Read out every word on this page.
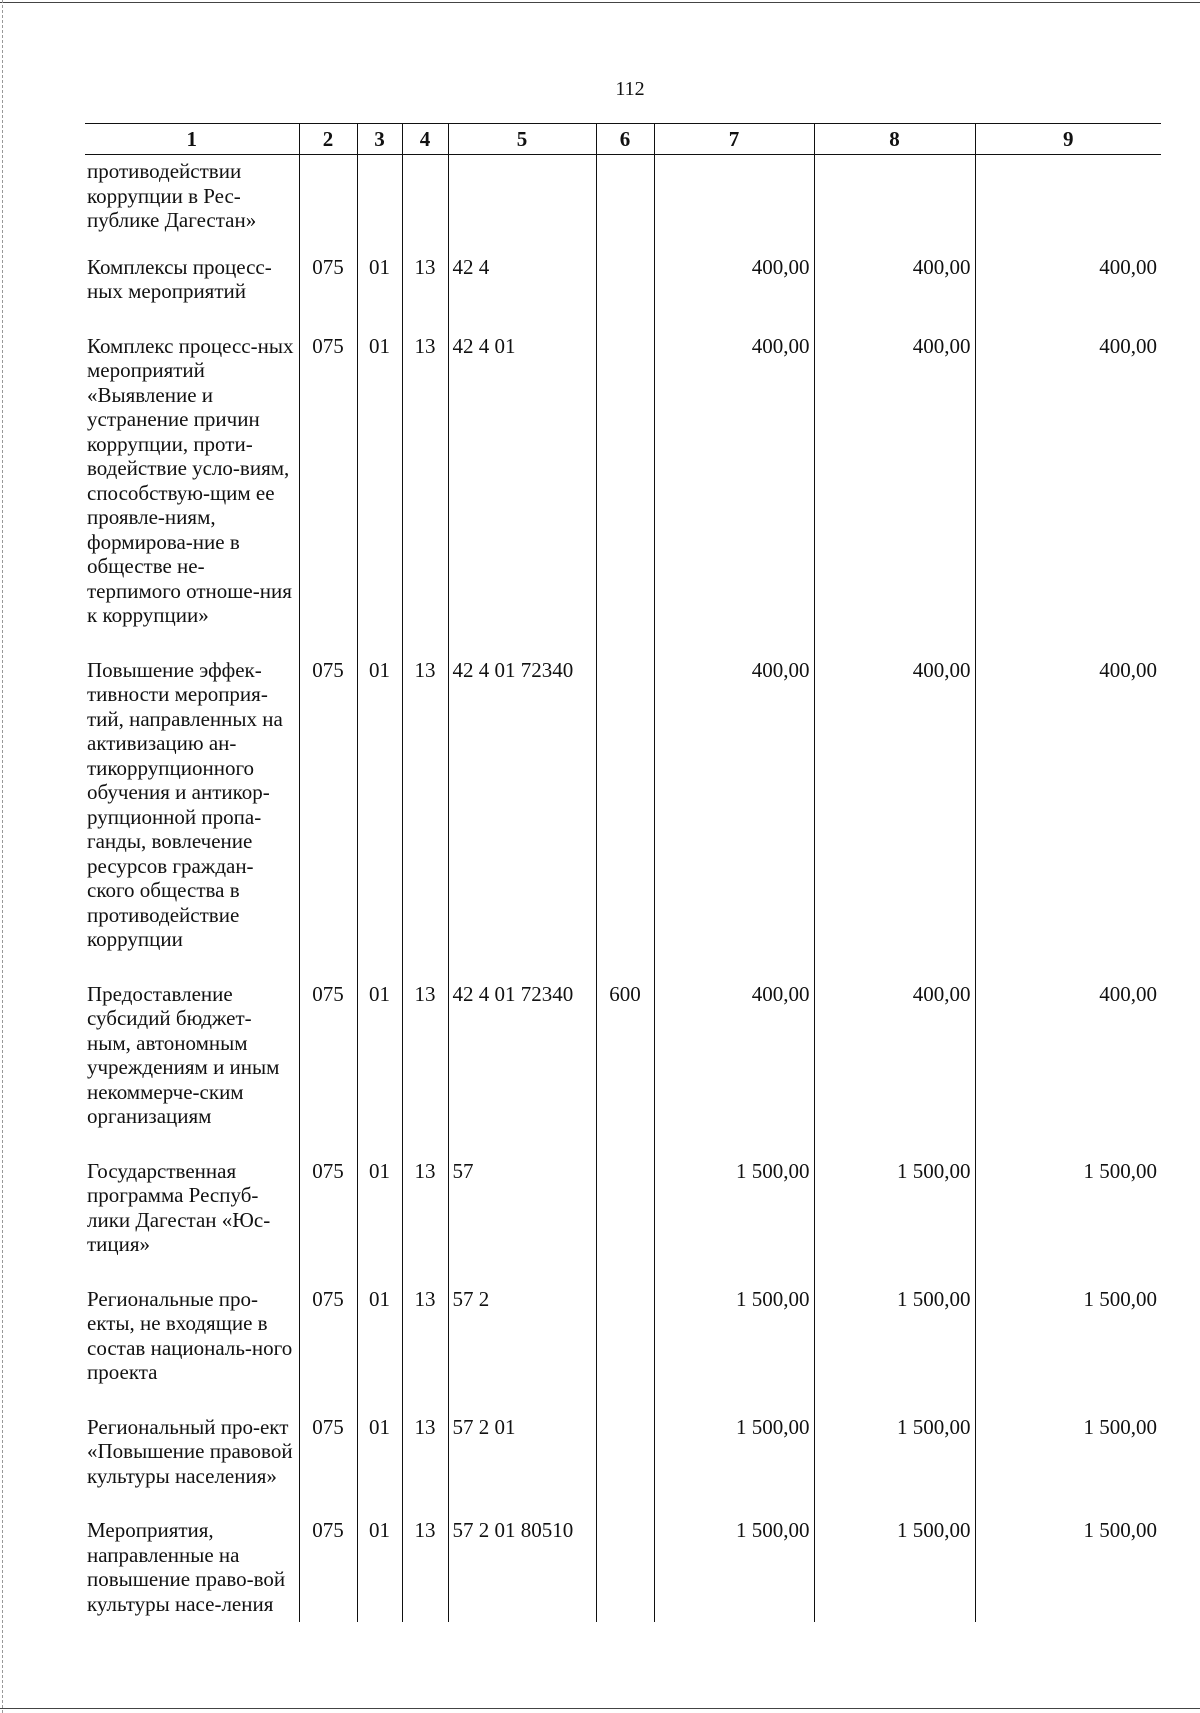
112
1	2	3	4	5	6	7	8	9
противодействии коррупции в Рес-публике Дагестан»								
Комплексы процесс-ных мероприятий	075	01	13	42 4		400,00	400,00	400,00
Комплекс процесс-ных мероприятий «Выявление и устранение причин коррупции, проти-водействие усло-виям, способствую-щим ее проявле-ниям, формирова-ние в обществе не-терпимого отноше-ния к коррупции»	075	01	13	42 4 01		400,00	400,00	400,00
Повышение эффек-тивности мероприя-тий, направленных на активизацию ан-тикоррупционного обучения и антикор-рупционной пропа-ганды, вовлечение ресурсов граждан-ского общества в противодействие коррупции	075	01	13	42 4 01 72340		400,00	400,00	400,00
Предоставление субсидий бюджет-ным, автономным учреждениям и иным некоммерче-ским организациям	075	01	13	42 4 01 72340	600	400,00	400,00	400,00
Государственная программа Респуб-лики Дагестан «Юс-тиция»	075	01	13	57		1 500,00	1 500,00	1 500,00
Региональные про-екты, не входящие в состав националь-ного проекта	075	01	13	57 2		1 500,00	1 500,00	1 500,00
Региональный про-ект «Повышение правовой культуры населения»	075	01	13	57 2 01		1 500,00	1 500,00	1 500,00
Мероприятия, направленные на повышение право-вой культуры насе-ления	075	01	13	57 2 01 80510		1 500,00	1 500,00	1 500,00
